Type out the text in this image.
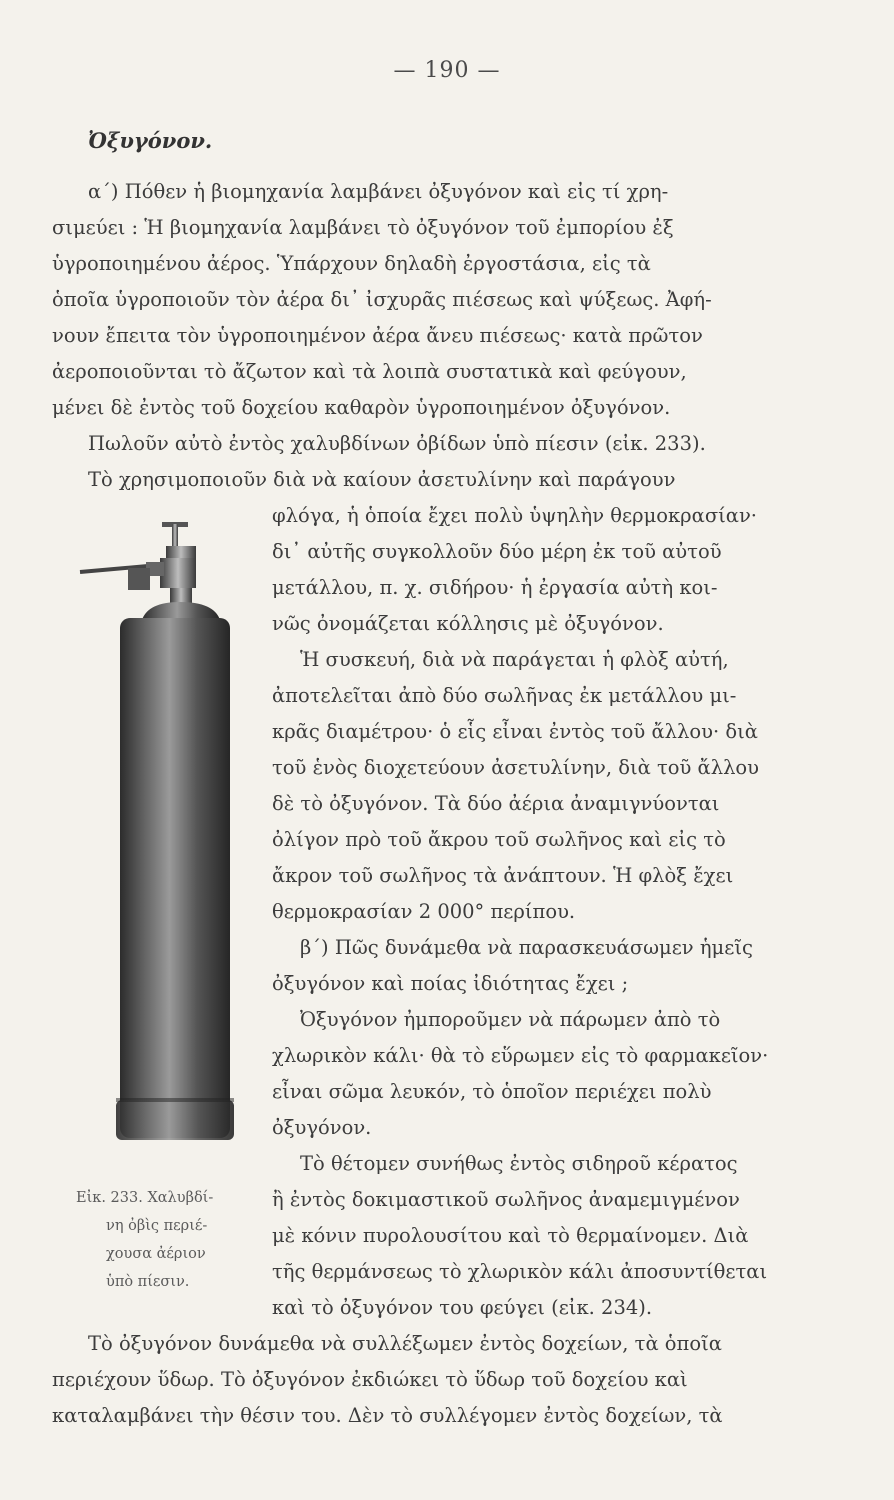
— 190 —
Ὀξυγόνον.
α΄) Πόθεν ἡ βιομηχανία λαμβάνει ὀξυγόνον καὶ εἰς τί χρη-
σιμεύει : Ἡ βιομηχανία λαμβάνει τὸ ὀξυγόνον τοῦ ἐμπορίου ἐξ
ὑγροποιημένου ἀέρος. Ὑπάρχουν δηλαδὴ ἐργοστάσια, εἰς τὰ
ὁποῖα ὑγροποιοῦν τὸν ἀέρα δι᾽ ἰσχυρᾶς πιέσεως καὶ ψύξεως. Ἀφή-
νουν ἔπειτα τὸν ὑγροποιημένον ἀέρα ἄνευ πιέσεως· κατὰ πρῶτον
ἀεροποιοῦνται τὸ ἄζωτον καὶ τὰ λοιπὰ συστατικὰ καὶ φεύγουν,
μένει δὲ ἐντὸς τοῦ δοχείου καθαρὸν ὑγροποιημένον ὀξυγόνον.
Πωλοῦν αὐτὸ ἐντὸς χαλυβδίνων ὀβίδων ὑπὸ πίεσιν (εἰκ. 233).
Τὸ χρησιμοποιοῦν διὰ νὰ καίουν ἀσετυλίνην καὶ παράγουν
φλόγα, ἡ ὁποία ἔχει πολὺ ὑψηλὴν θερμοκρασίαν·
δι᾽ αὐτῆς συγκολλοῦν δύο μέρη ἐκ τοῦ αὐτοῦ
μετάλλου, π. χ. σιδήρου· ἡ ἐργασία αὐτὴ κοι-
νῶς ὀνομάζεται κόλλησις μὲ ὀξυγόνον.
Ἡ συσκευή, διὰ νὰ παράγεται ἡ φλὸξ αὐτή,
ἀποτελεῖται ἀπὸ δύο σωλῆνας ἐκ μετάλλου μι-
κρᾶς διαμέτρου· ὁ εἷς εἶναι ἐντὸς τοῦ ἄλλου· διὰ
τοῦ ἑνὸς διοχετεύουν ἀσετυλίνην, διὰ τοῦ ἄλλου
δὲ τὸ ὀξυγόνον. Τὰ δύο ἀέρια ἀναμιγνύονται
ὀλίγον πρὸ τοῦ ἄκρου τοῦ σωλῆνος καὶ εἰς τὸ
ἄκρον τοῦ σωλῆνος τὰ ἀνάπτουν. Ἡ φλὸξ ἔχει
θερμοκρασίαν 2 000° περίπου.
β΄) Πῶς δυνάμεθα νὰ παρασκευάσωμεν ἡμεῖς
ὀξυγόνον καὶ ποίας ἰδιότητας ἔχει ;
Ὀξυγόνον ἠμποροῦμεν νὰ πάρωμεν ἀπὸ τὸ
χλωρικὸν κάλι· θὰ τὸ εὕρωμεν εἰς τὸ φαρμακεῖον·
εἶναι σῶμα λευκόν, τὸ ὁποῖον περιέχει πολὺ
ὀξυγόνον.
Τὸ θέτομεν συνήθως ἐντὸς σιδηροῦ κέρατος
ἢ ἐντὸς δοκιμαστικοῦ σωλῆνος ἀναμεμιγμένον
μὲ κόνιν πυρολουσίτου καὶ τὸ θερμαίνομεν. Διὰ
τῆς θερμάνσεως τὸ χλωρικὸν κάλι ἀποσυντίθεται
καὶ τὸ ὀξυγόνον του φεύγει (εἰκ. 234).
Εἰκ. 233. Χαλυβδί-
νη ὀβὶς περιέ-
χουσα ἀέριον
ὑπὸ πίεσιν.
Τὸ ὀξυγόνον δυνάμεθα νὰ συλλέξωμεν ἐντὸς δοχείων, τὰ ὁποῖα
περιέχουν ὕδωρ. Τὸ ὀξυγόνον ἐκδιώκει τὸ ὕδωρ τοῦ δοχείου καὶ
καταλαμβάνει τὴν θέσιν του. Δὲν τὸ συλλέγομεν ἐντὸς δοχείων, τὰ
